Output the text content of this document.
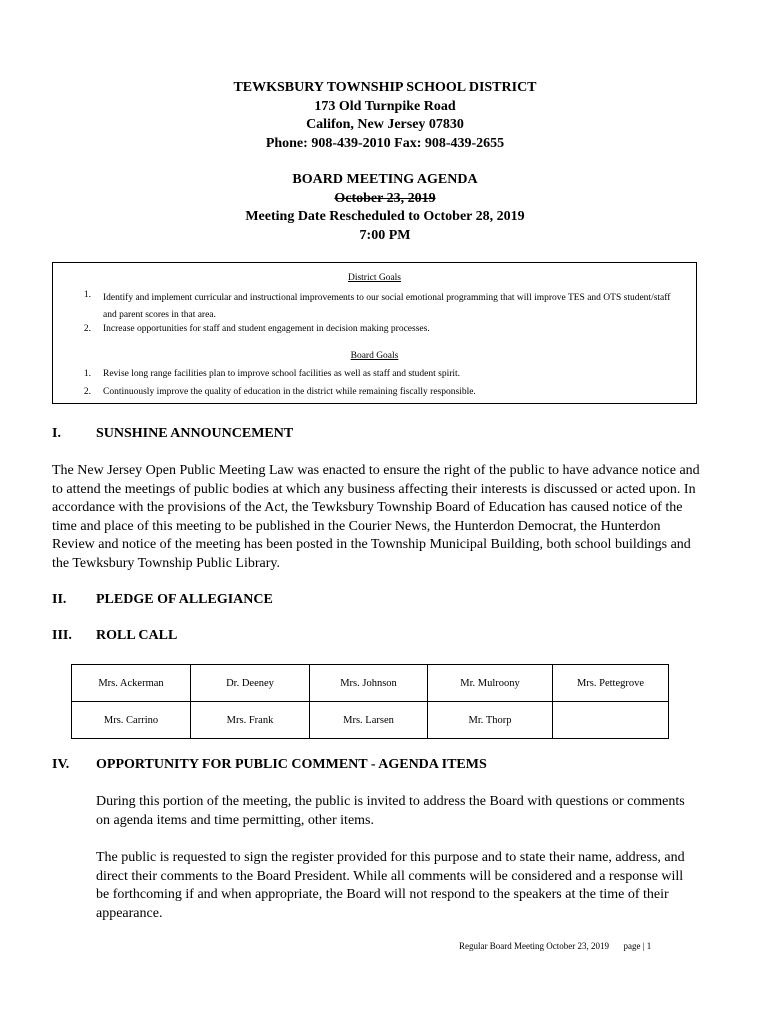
TEWKSBURY TOWNSHIP SCHOOL DISTRICT
173 Old Turnpike Road
Califon, New Jersey 07830
Phone: 908-439-2010 Fax: 908-439-2655
BOARD MEETING AGENDA
October 23, 2019
Meeting Date Rescheduled to October 28, 2019
7:00 PM
District Goals
1. Identify and implement curricular and instructional improvements to our social emotional programming that will improve TES and OTS student/staff and parent scores in that area.
2. Increase opportunities for staff and student engagement in decision making processes.
Board Goals
1. Revise long range facilities plan to improve school facilities as well as staff and student spirit.
2. Continuously improve the quality of education in the district while remaining fiscally responsible.
I.	SUNSHINE ANNOUNCEMENT
The New Jersey Open Public Meeting Law was enacted to ensure the right of the public to have advance notice and to attend the meetings of public bodies at which any business affecting their interests is discussed or acted upon. In accordance with the provisions of the Act, the Tewksbury Township Board of Education has caused notice of the time and place of this meeting to be published in the Courier News, the Hunterdon Democrat, the Hunterdon Review and notice of the meeting has been posted in the Township Municipal Building, both school buildings and the Tewksbury Township Public Library.
II. PLEDGE OF ALLEGIANCE
III. ROLL CALL
Mrs. Ackerman	Dr. Deeney	Mrs. Johnson	Mr. Mulroony	Mrs. Pettegrove
Mrs. Carrino	Mrs. Frank	Mrs. Larsen	Mr. Thorp	
IV. OPPORTUNITY FOR PUBLIC COMMENT - AGENDA ITEMS
During this portion of the meeting, the public is invited to address the Board with questions or comments on agenda items and time permitting, other items.
The public is requested to sign the register provided for this purpose and to state their name, address, and direct their comments to the Board President. While all comments will be considered and a response will be forthcoming if and when appropriate, the Board will not respond to the speakers at the time of their appearance.
Regular Board Meeting October 23, 2019 page | 1
